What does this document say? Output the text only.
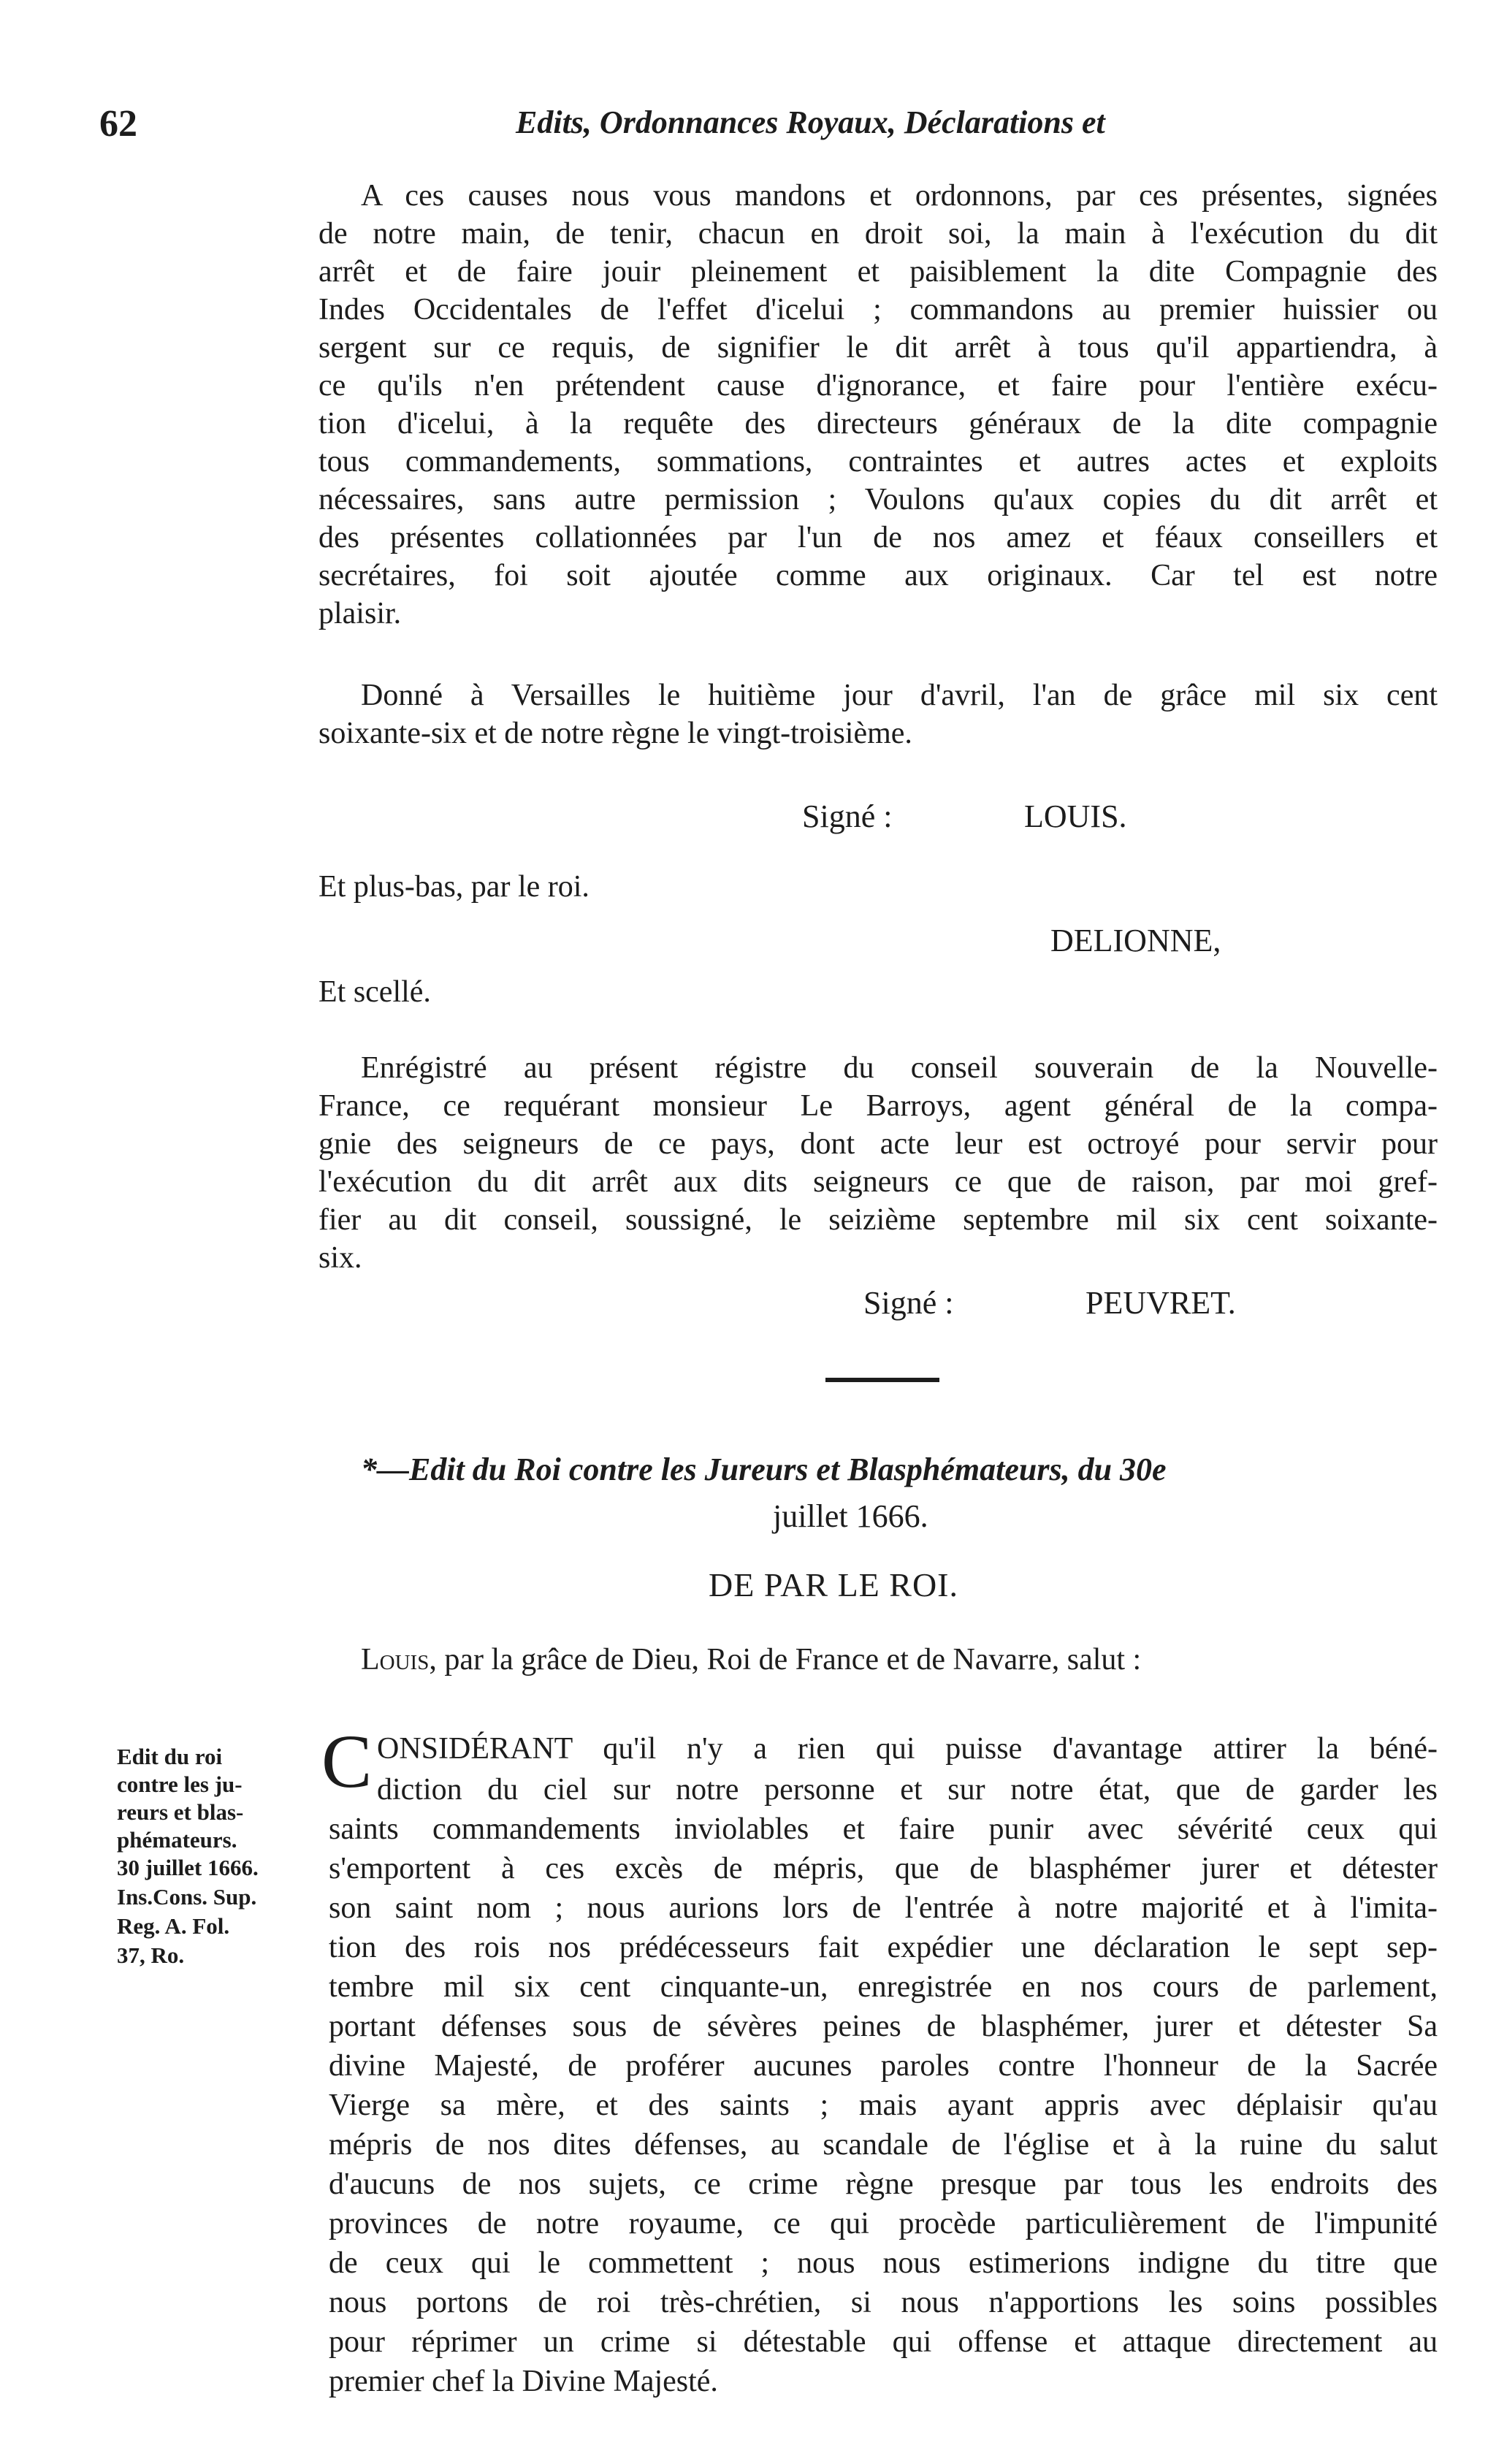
62	Edits, Ordonnances Royaux, Déclarations et
A ces causes nous vous mandons et ordonnons, par ces présentes, signées
de notre main, de tenir, chacun en droit soi, la main à l'exécution du dit
arrêt et de faire jouir pleinement et paisiblement la dite Compagnie des
Indes Occidentales de l'effet d'icelui ; commandons au premier huissier ou
sergent sur ce requis, de signifier le dit arrêt à tous qu'il appartiendra, à
ce qu'ils n'en prétendent cause d'ignorance, et faire pour l'entière exécu-
tion d'icelui, à la requête des directeurs généraux de la dite compagnie
tous commandements, sommations, contraintes et autres actes et exploits
nécessaires, sans autre permission ; Voulons qu'aux copies du dit arrêt et
des présentes collationnées par l'un de nos amez et féaux conseillers et
secrétaires, foi soit ajoutée comme aux originaux. Car tel est notre
plaisir.
Donné à Versailles le huitième jour d'avril, l'an de grâce mil six cent
soixante-six et de notre règne le vingt-troisième.
Signé :	LOUIS.
Et plus-bas, par le roi.
DELIONNE,
Et scellé.
Enrégistré au présent régistre du conseil souverain de la Nouvelle-
France, ce requérant monsieur Le Barroys, agent général de la compa-
gnie des seigneurs de ce pays, dont acte leur est octroyé pour servir pour
l'exécution du dit arrêt aux dits seigneurs ce que de raison, par moi gref-
fier au dit conseil, soussigné, le seizième septembre mil six cent soixante-
six.
Signé :	PEUVRET.
*—Edit du Roi contre les Jureurs et Blasphémateurs, du 30e
juillet 1666.
DE PAR LE ROI.
Louis, par la grâce de Dieu, Roi de France et de Navarre, salut :
C ONSIDÉRANT qu'il n'y a rien qui puisse d'avantage attirer la béné-
diction du ciel sur notre personne et sur notre état, que de garder les
saints commandements inviolables et faire punir avec sévérité ceux qui
s'emportent à ces excès de mépris, que de blasphémer jurer et détester
son saint nom ; nous aurions lors de l'entrée à notre majorité et à l'imita-
tion des rois nos prédécesseurs fait expédier une déclaration le sept sep-
tembre mil six cent cinquante-un, enregistrée en nos cours de parlement,
portant défenses sous de sévères peines de blasphémer, jurer et détester Sa
divine Majesté, de proférer aucunes paroles contre l'honneur de la Sacrée
Vierge sa mère, et des saints ; mais ayant appris avec déplaisir qu'au
mépris de nos dites défenses, au scandale de l'église et à la ruine du salut
d'aucuns de nos sujets, ce crime règne presque par tous les endroits des
provinces de notre royaume, ce qui procède particulièrement de l'impunité
de ceux qui le commettent ; nous nous estimerions indigne du titre que
nous portons de roi très-chrétien, si nous n'apportions les soins possibles
pour réprimer un crime si détestable qui offense et attaque directement au
premier chef la Divine Majesté.
Edit du roi
contre les ju-
reurs et blas-
phémateurs.
30 juillet 1666.
Ins.Cons. Sup.
Reg. A. Fol.
37, Ro.
